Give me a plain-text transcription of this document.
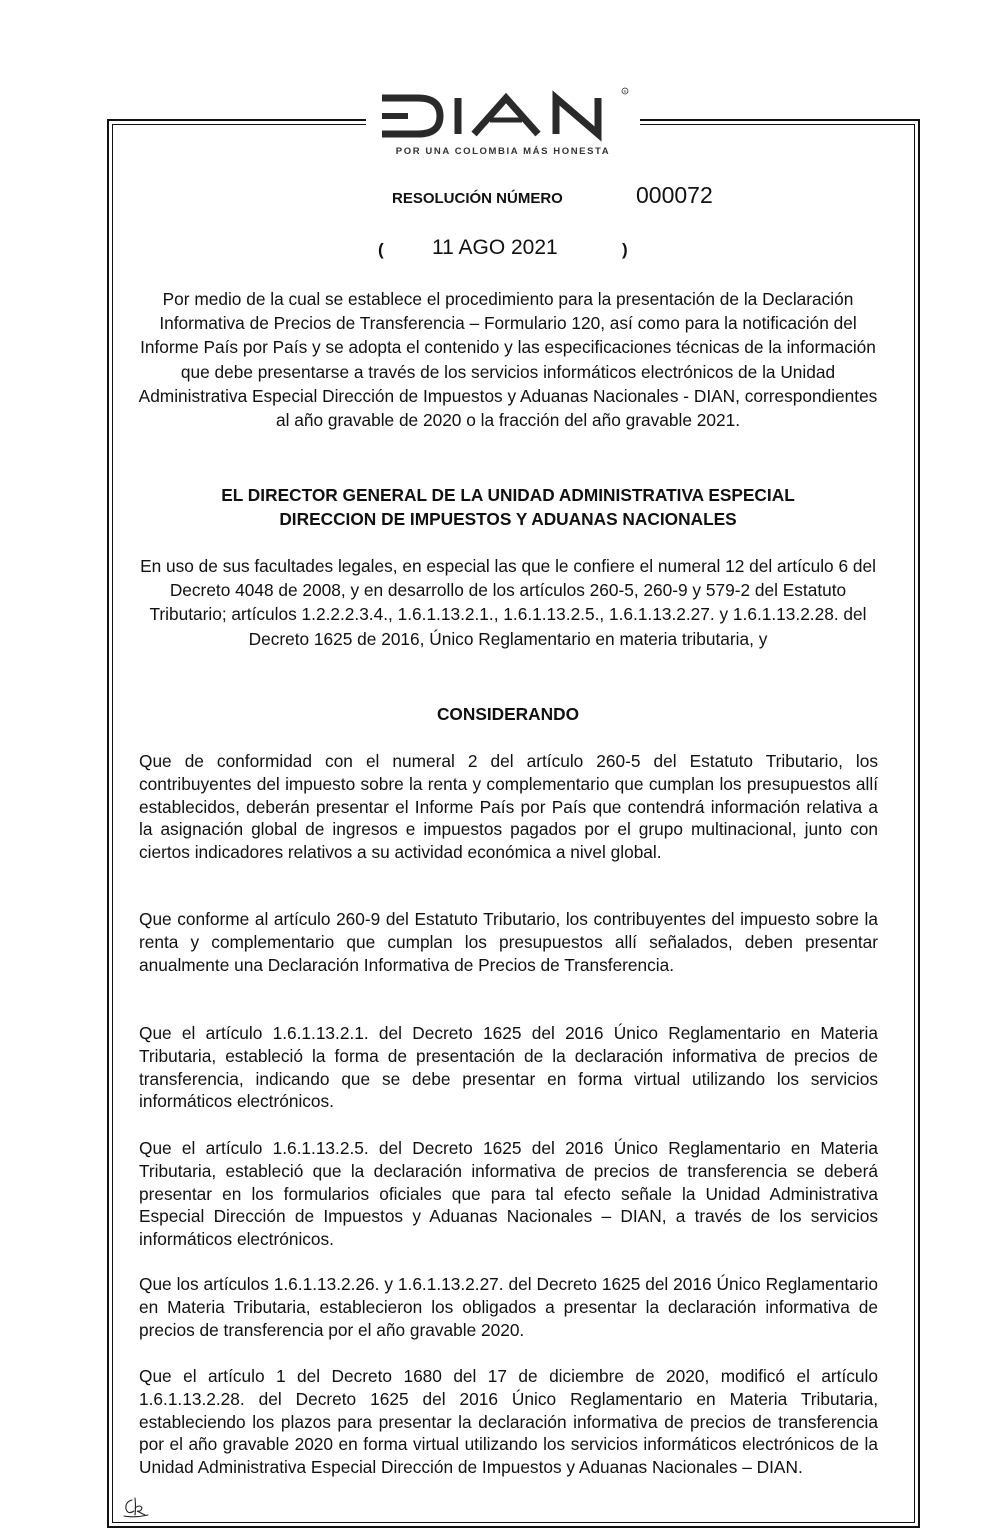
R
POR UNA COLOMBIA MÁS HONESTA
RESOLUCIÓN NÚMERO	000072
( 11 AGO 2021	)
Por medio de la cual se establece el procedimiento para la presentación de la Declaración Informativa de Precios de Transferencia – Formulario 120, así como para la notificación del Informe País por País y se adopta el contenido y las especificaciones técnicas de la información que debe presentarse a través de los servicios informáticos electrónicos de la Unidad Administrativa Especial Dirección de Impuestos y Aduanas Nacionales - DIAN, correspondientes al año gravable de 2020 o la fracción del año gravable 2021.
EL DIRECTOR GENERAL DE LA UNIDAD ADMINISTRATIVA ESPECIAL
DIRECCION DE IMPUESTOS Y ADUANAS NACIONALES
En uso de sus facultades legales, en especial las que le confiere el numeral 12 del artículo 6 del Decreto 4048 de 2008, y en desarrollo de los artículos 260-5, 260-9 y 579-2 del Estatuto Tributario; artículos 1.2.2.2.3.4., 1.6.1.13.2.1., 1.6.1.13.2.5., 1.6.1.13.2.27. y 1.6.1.13.2.28. del Decreto 1625 de 2016, Único Reglamentario en materia tributaria, y
CONSIDERANDO
Que de conformidad con el numeral 2 del artículo 260-5 del Estatuto Tributario, los contribuyentes del impuesto sobre la renta y complementario que cumplan los presupuestos allí establecidos, deberán presentar el Informe País por País que contendrá información relativa a la asignación global de ingresos e impuestos pagados por el grupo multinacional, junto con ciertos indicadores relativos a su actividad económica a nivel global.
Que conforme al artículo 260-9 del Estatuto Tributario, los contribuyentes del impuesto sobre la renta y complementario que cumplan los presupuestos allí señalados, deben presentar anualmente una Declaración Informativa de Precios de Transferencia.
Que el artículo 1.6.1.13.2.1. del Decreto 1625 del 2016 Único Reglamentario en Materia Tributaria, estableció la forma de presentación de la declaración informativa de precios de transferencia, indicando que se debe presentar en forma virtual utilizando los servicios informáticos electrónicos.
Que el artículo 1.6.1.13.2.5. del Decreto 1625 del 2016 Único Reglamentario en Materia Tributaria, estableció que la declaración informativa de precios de transferencia se deberá presentar en los formularios oficiales que para tal efecto señale la Unidad Administrativa Especial Dirección de Impuestos y Aduanas Nacionales – DIAN, a través de los servicios informáticos electrónicos.
Que los artículos 1.6.1.13.2.26. y 1.6.1.13.2.27. del Decreto 1625 del 2016 Único Reglamentario en Materia Tributaria, establecieron los obligados a presentar la declaración informativa de precios de transferencia por el año gravable 2020.
Que el artículo 1 del Decreto 1680 del 17 de diciembre de 2020, modificó el artículo 1.6.1.13.2.28. del Decreto 1625 del 2016 Único Reglamentario en Materia Tributaria, estableciendo los plazos para presentar la declaración informativa de precios de transferencia por el año gravable 2020 en forma virtual utilizando los servicios informáticos electrónicos de la Unidad Administrativa Especial Dirección de Impuestos y Aduanas Nacionales – DIAN.
